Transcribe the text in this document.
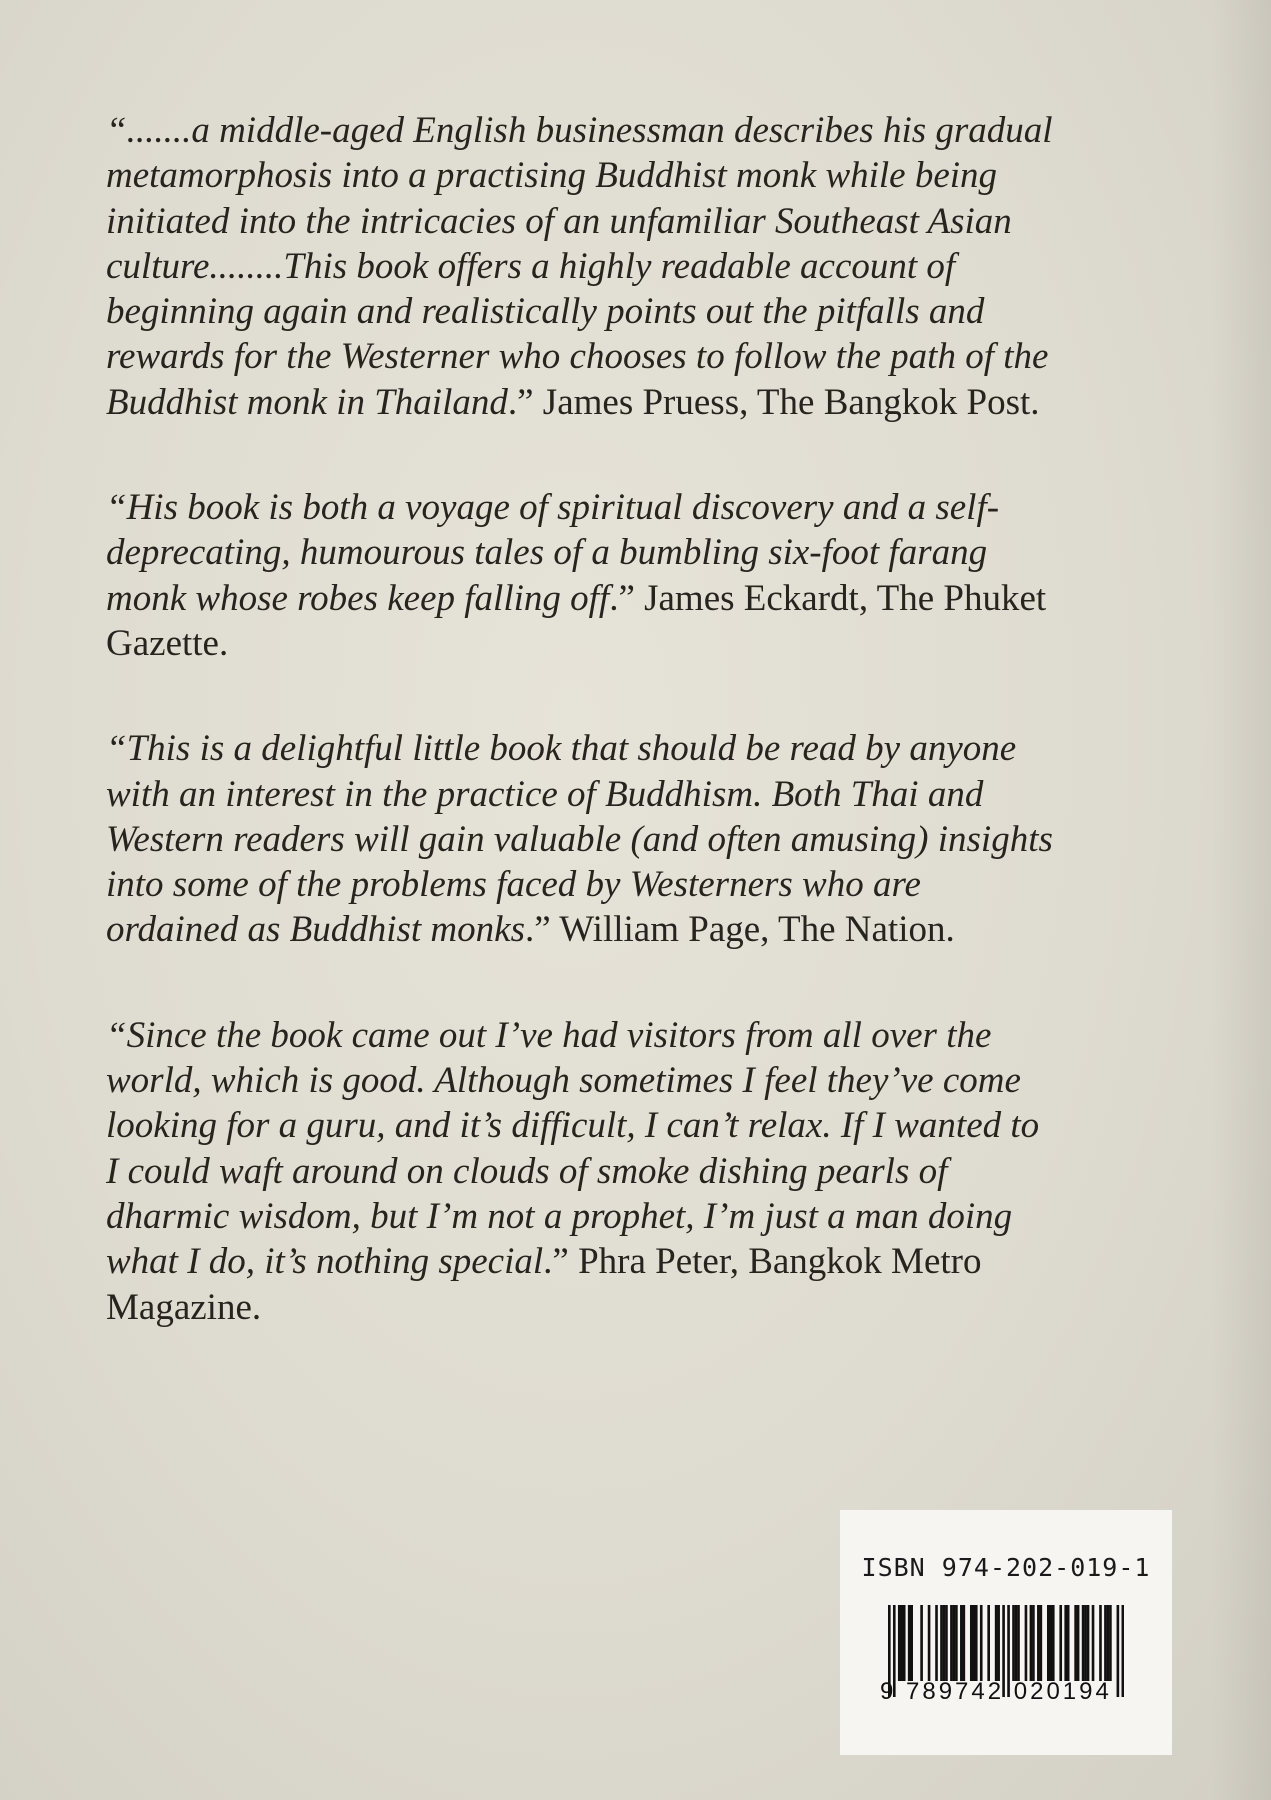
“.......a middle-aged English businessman describes his gradual
metamorphosis into a practising Buddhist monk while being
initiated into the intricacies of an unfamiliar Southeast Asian
culture........This book offers a highly readable account of
beginning again and realistically points out the pitfalls and
rewards for the Westerner who chooses to follow the path of the
Buddhist monk in Thailand.” James Pruess, The Bangkok Post.

“His book is both a voyage of spiritual discovery and a self-
deprecating, humourous tales of a bumbling six-foot farang
monk whose robes keep falling off.” James Eckardt, The Phuket
Gazette.

“This is a delightful little book that should be read by anyone
with an interest in the practice of Buddhism. Both Thai and
Western readers will gain valuable (and often amusing) insights
into some of the problems faced by Westerners who are
ordained as Buddhist monks.” William Page, The Nation.

“Since the book came out I’ve had visitors from all over the
world, which is good. Although sometimes I feel they’ve come
looking for a guru, and it’s difficult, I can’t relax. If I wanted to
I could waft around on clouds of smoke dishing pearls of
dharmic wisdom, but I’m not a prophet, I’m just a man doing
what I do, it’s nothing special.” Phra Peter, Bangkok Metro
Magazine.

ISBN 974-202-019-1
9 789742 020194
